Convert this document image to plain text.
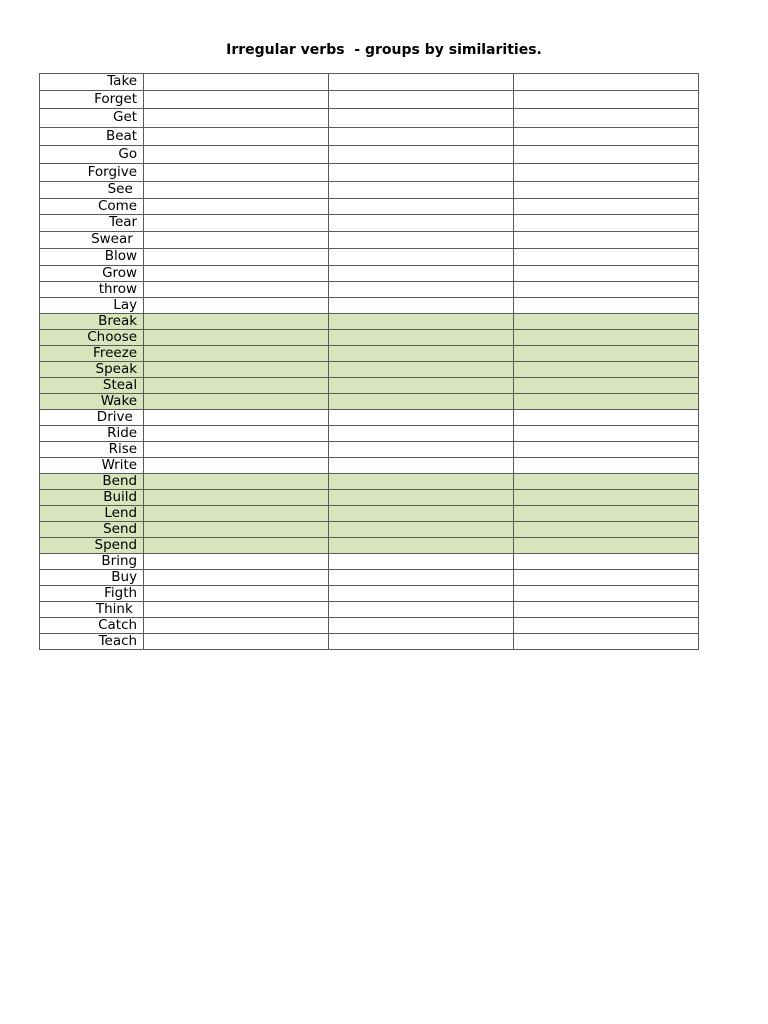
Irregular verbs  - groups by similarities.
Take			
Forget			
Get			
Beat			
Go			
Forgive			
See			
Come			
Tear			
Swear			
Blow			
Grow			
throw			
Lay			
Break			
Choose			
Freeze			
Speak			
Steal			
Wake			
Drive			
Ride			
Rise			
Write			
Bend			
Build			
Lend			
Send			
Spend			
Bring			
Buy			
Figth			
Think			
Catch			
Teach			
